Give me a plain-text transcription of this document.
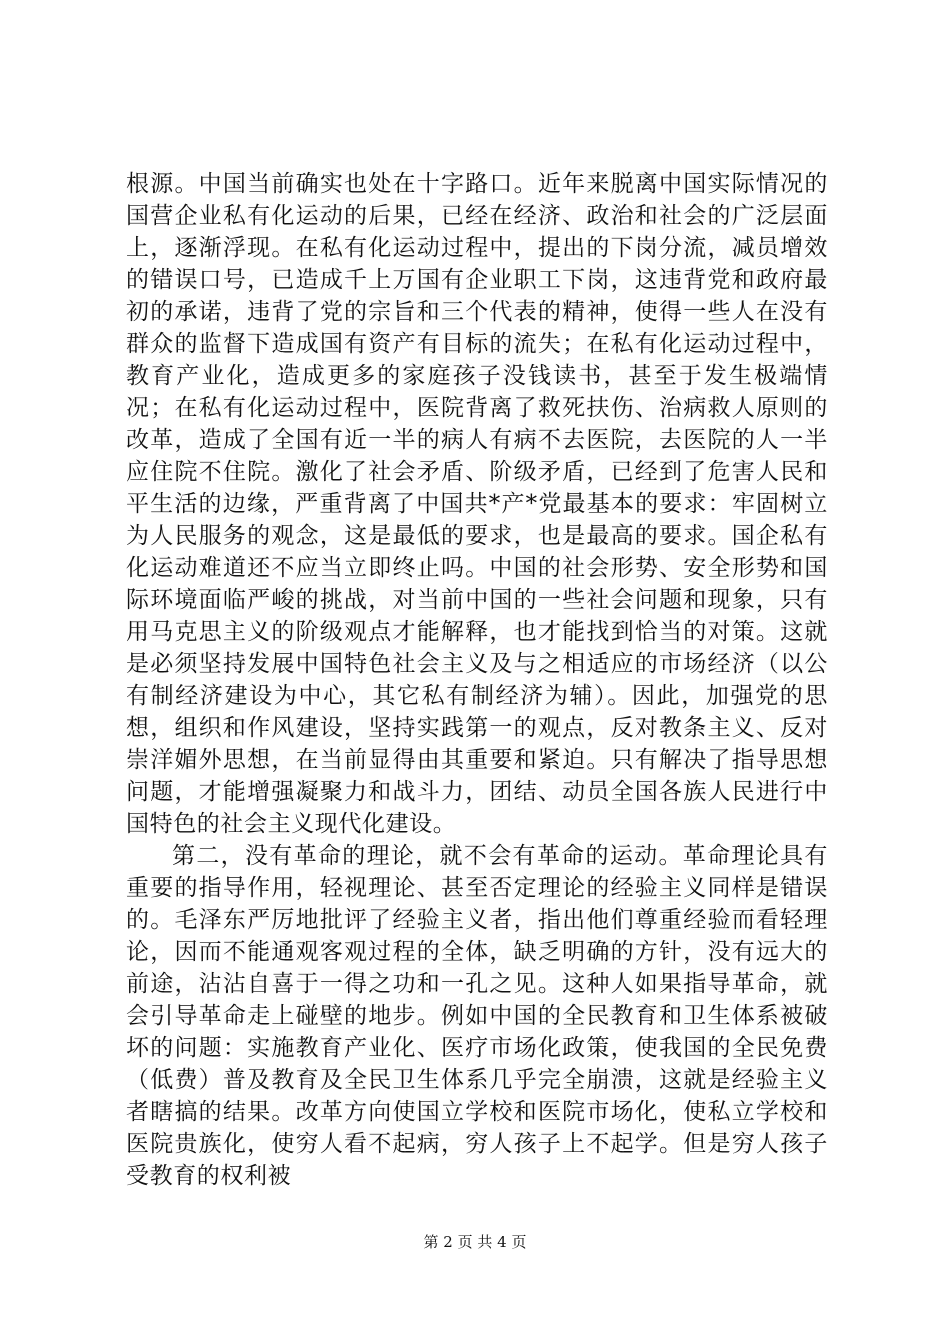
根源。中国当前确实也处在十字路口。近年来脱离中国实际情况的国营企业私有化运动的后果，已经在经济、政治和社会的广泛层面上，逐渐浮现。在私有化运动过程中，提出的下岗分流，减员增效的错误口号，已造成千上万国有企业职工下岗，这违背党和政府最初的承诺，违背了党的宗旨和三个代表的精神，使得一些人在没有群众的监督下造成国有资产有目标的流失；在私有化运动过程中，教育产业化，造成更多的家庭孩子没钱读书，甚至于发生极端情况；在私有化运动过程中，医院背离了救死扶伤、治病救人原则的改革，造成了全国有近一半的病人有病不去医院，去医院的人一半应住院不住院。激化了社会矛盾、阶级矛盾，已经到了危害人民和平生活的边缘，严重背离了中国共*产*党最基本的要求：牢固树立为人民服务的观念，这是最低的要求，也是最高的要求。国企私有化运动难道还不应当立即终止吗。中国的社会形势、安全形势和国际环境面临严峻的挑战，对当前中国的一些社会问题和现象，只有用马克思主义的阶级观点才能解释，也才能找到恰当的对策。这就是必须坚持发展中国特色社会主义及与之相适应的市场经济（以公有制经济建设为中心，其它私有制经济为辅）。因此，加强党的思想，组织和作风建设，坚持实践第一的观点，反对教条主义、反对崇洋媚外思想，在当前显得由其重要和紧迫。只有解决了指导思想问题，才能增强凝聚力和战斗力，团结、动员全国各族人民进行中国特色的社会主义现代化建设。

第二，没有革命的理论，就不会有革命的运动。革命理论具有重要的指导作用，轻视理论、甚至否定理论的经验主义同样是错误的。毛泽东严厉地批评了经验主义者，指出他们尊重经验而看轻理论，因而不能通观客观过程的全体，缺乏明确的方针，没有远大的前途，沾沾自喜于一得之功和一孔之见。这种人如果指导革命，就会引导革命走上碰壁的地步。例如中国的全民教育和卫生体系被破坏的问题：实施教育产业化、医疗市场化政策，使我国的全民免费（低费）普及教育及全民卫生体系几乎完全崩溃，这就是经验主义者瞎搞的结果。改革方向使国立学校和医院市场化，使私立学校和医院贵族化，使穷人看不起病，穷人孩子上不起学。但是穷人孩子受教育的权利被

第 2 页 共 4 页
